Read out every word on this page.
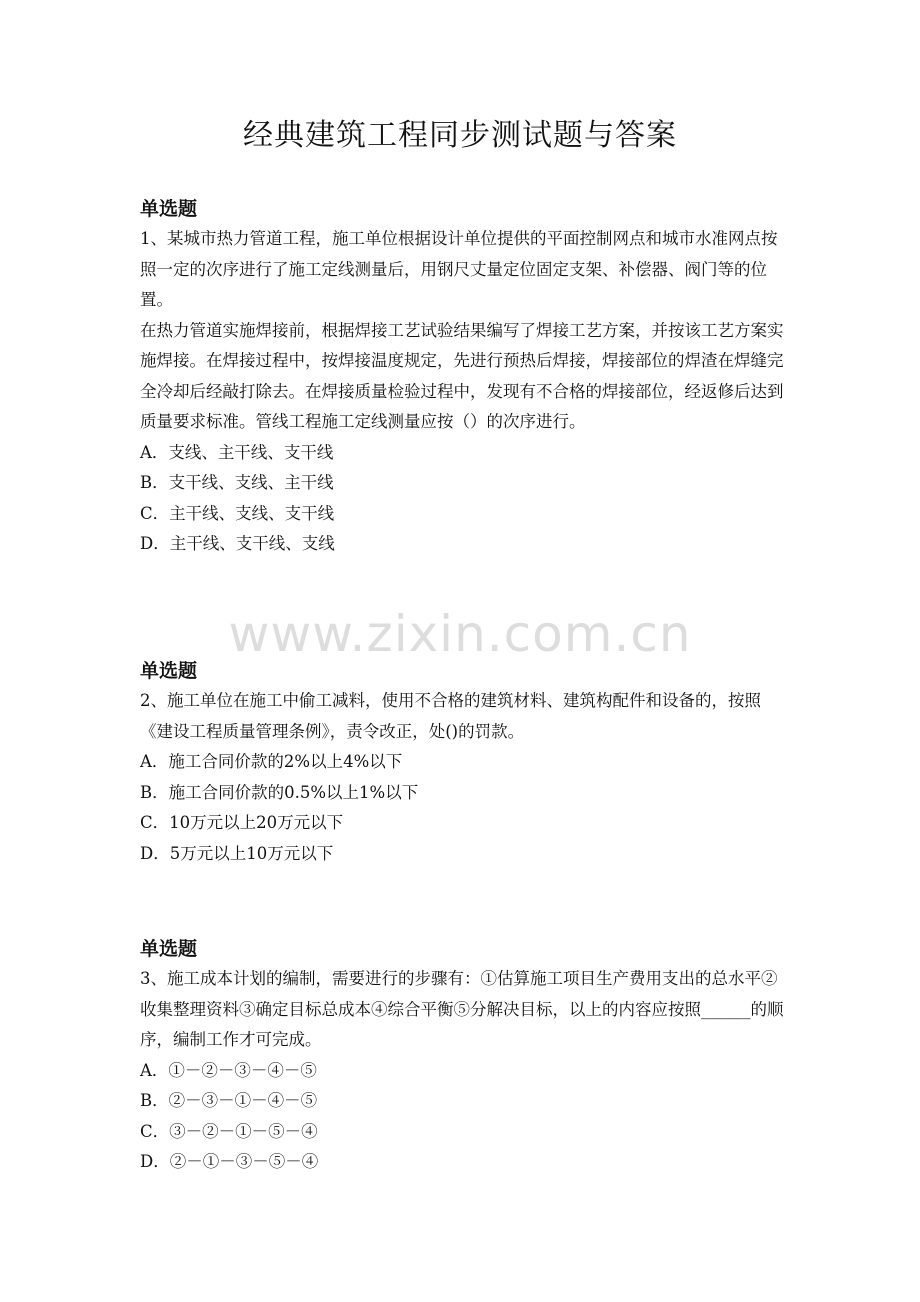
经典建筑工程同步测试题与答案
单选题
1、某城市热力管道工程，施工单位根据设计单位提供的平面控制网点和城市水准网点按照一定的次序进行了施工定线测量后，用钢尺丈量定位固定支架、补偿器、阀门等的位置。
在热力管道实施焊接前，根据焊接工艺试验结果编写了焊接工艺方案，并按该工艺方案实施焊接。在焊接过程中，按焊接温度规定，先进行预热后焊接，焊接部位的焊渣在焊缝完全冷却后经敲打除去。在焊接质量检验过程中，发现有不合格的焊接部位，经返修后达到质量要求标准。管线工程施工定线测量应按（）的次序进行。
A．支线、主干线、支干线
B．支干线、支线、主干线
C．主干线、支线、支干线
D．主干线、支干线、支线
www.zixin.com.cn
单选题
2、施工单位在施工中偷工减料，使用不合格的建筑材料、建筑构配件和设备的，按照《建设工程质量管理条例》，责令改正，处()的罚款。
A．施工合同价款的2%以上4%以下
B．施工合同价款的0.5%以上1%以下
C．10万元以上20万元以下
D．5万元以上10万元以下
单选题
3、施工成本计划的编制，需要进行的步骤有：①估算施工项目生产费用支出的总水平②收集整理资料③确定目标总成本④综合平衡⑤分解决目标，以上的内容应按照______的顺序，编制工作才可完成。
A．①－②－③－④－⑤
B．②－③－①－④－⑤
C．③－②－①－⑤－④
D．②－①－③－⑤－④
